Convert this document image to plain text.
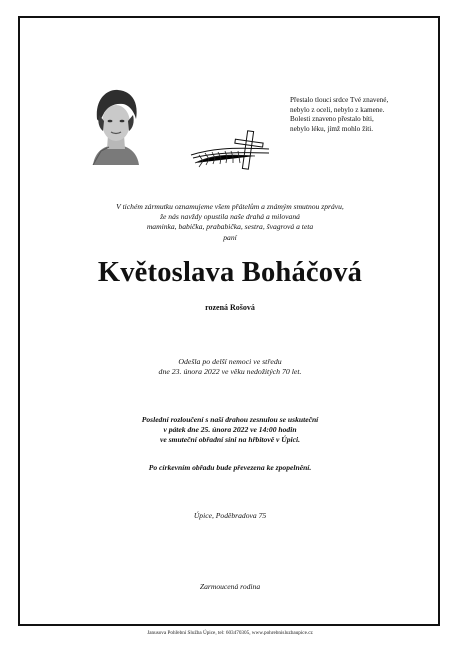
Přestalo tlouci srdce Tvé znavené,
nebylo z oceli, nebylo z kamene.
Bolesti znaveno přestalo bíti,
nebylo léku, jímž mohlo žíti.
V tichém zármutku oznamujeme všem přátelům a známým smutnou zprávu,
že nás navždy opustila naše drahá a milovaná
maminka, babička, prababička, sestra, švagrová a teta
paní
Květoslava Boháčová
rozená Rošová
Odešla po delší nemoci ve středu
dne 23. února 2022 ve věku nedožitých 70 let.
Poslední rozloučení s naší drahou zesnulou se uskuteční
v pátek dne 25. února 2022 ve 14:00 hodin
ve smuteční obřadní síni na hřbitově v Úpici.
Po církevním obřadu bude převezena ke zpopelnění.
Úpice, Poděbradova 75
Zarmoucená rodina
Janusova Pohřební Služba Úpice, tel: 603470305, www.pohrebnisluzbaupice.cz
